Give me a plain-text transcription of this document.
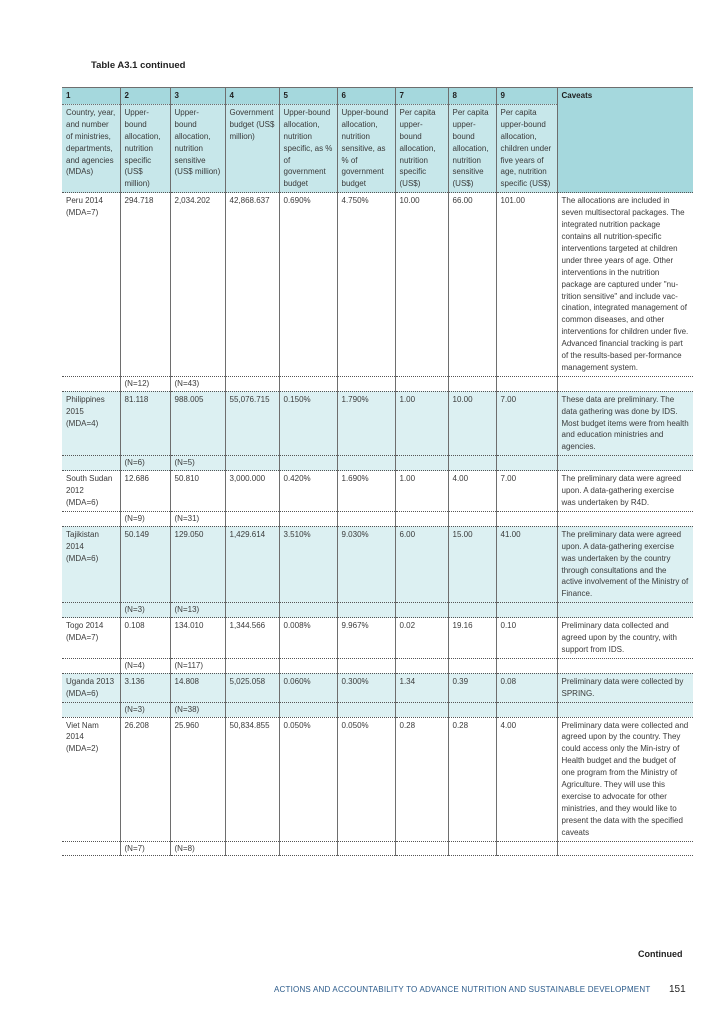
Table A3.1 continued
1	2	3	4	5	6	7	8	9	Caveats
Country, year, and number of ministries, departments, and agencies (MDAs)	Upper-bound allocation, nutrition specific (US$ million)	Upper-bound allocation, nutrition sensitive (US$ million)	Government budget (US$ million)	Upper-bound allocation, nutrition specific, as % of government budget	Upper-bound allocation, nutrition sensitive, as % of government budget	Per capita upper-bound allocation, nutrition specific (US$)	Per capita upper-bound allocation, nutrition sensitive (US$)	Per capita upper-bound allocation, children under five years of age, nutrition specific (US$)	
Peru 2014 (MDA=7)	294.718	2,034.202	42,868.637	0.690%	4.750%	10.00	66.00	101.00	The allocations are included in seven multisectoral packages. The integrated nutrition package contains all nutrition-specific interventions targeted at children under three years of age. Other interventions in the nutrition package are captured under "nu-trition sensitive" and include vac-cination, integrated management of common diseases, and other interventions for children under five. Advanced financial tracking is part of the results-based per-formance management system.
	(N=12)	(N=43)							
Philippines 2015 (MDA=4)	81.118	988.005	55,076.715	0.150%	1.790%	1.00	10.00	7.00	These data are preliminary. The data gathering was done by IDS. Most budget items were from health and education ministries and agencies.
	(N=6)	(N=5)							
South Sudan 2012 (MDA=6)	12.686	50.810	3,000.000	0.420%	1.690%	1.00	4.00	7.00	The preliminary data were agreed upon. A data-gathering exercise was undertaken by R4D.
	(N=9)	(N=31)							
Tajikistan 2014 (MDA=6)	50.149	129.050	1,429.614	3.510%	9.030%	6.00	15.00	41.00	The preliminary data were agreed upon. A data-gathering exercise was undertaken by the country through consultations and the active involvement of the Ministry of Finance.
	(N=3)	(N=13)							
Togo 2014 (MDA=7)	0.108	134.010	1,344.566	0.008%	9.967%	0.02	19.16	0.10	Preliminary data collected and agreed upon by the country, with support from IDS.
	(N=4)	(N=117)							
Uganda 2013 (MDA=6)	3.136	14.808	5,025.058	0.060%	0.300%	1.34	0.39	0.08	Preliminary data were collected by SPRING.
	(N=3)	(N=38)							
Viet Nam 2014 (MDA=2)	26.208	25.960	50,834.855	0.050%	0.050%	0.28	0.28	4.00	Preliminary data were collected and agreed upon by the country. They could access only the Min-istry of Health budget and the budget of one program from the Ministry of Agriculture. They will use this exercise to advocate for other ministries, and they would like to present the data with the specified caveats
	(N=7)	(N=8)							
Continued
ACTIONS AND ACCOUNTABILITY TO ADVANCE NUTRITION AND SUSTAINABLE DEVELOPMENT 151
